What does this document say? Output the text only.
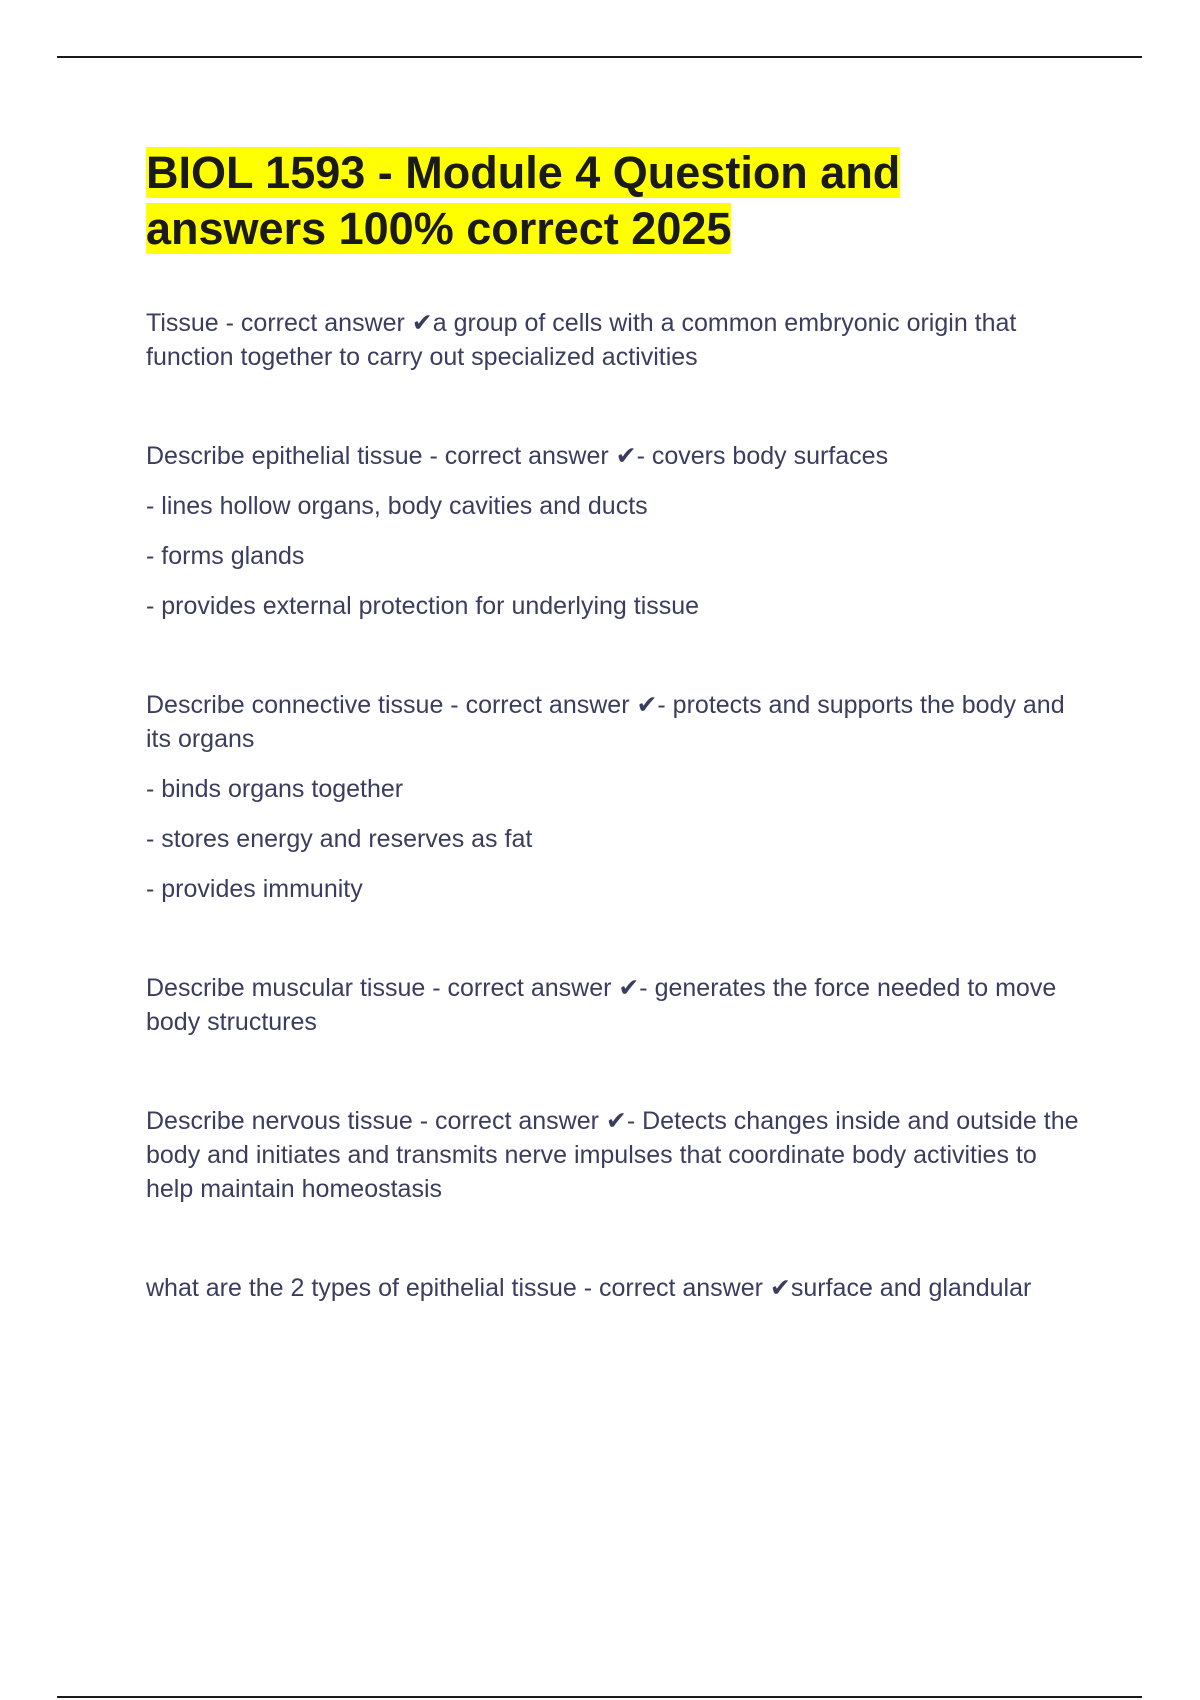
BIOL 1593 - Module 4 Question and answers 100% correct 2025

Tissue - correct answer ✔a group of cells with a common embryonic origin that function together to carry out specialized activities

Describe epithelial tissue - correct answer ✔- covers body surfaces

- lines hollow organs, body cavities and ducts

- forms glands

- provides external protection for underlying tissue

Describe connective tissue - correct answer ✔- protects and supports the body and its organs

- binds organs together

- stores energy and reserves as fat

- provides immunity

Describe muscular tissue - correct answer ✔- generates the force needed to move body structures

Describe nervous tissue - correct answer ✔- Detects changes inside and outside the body and initiates and transmits nerve impulses that coordinate body activities to help maintain homeostasis

what are the 2 types of epithelial tissue - correct answer ✔surface and glandular
